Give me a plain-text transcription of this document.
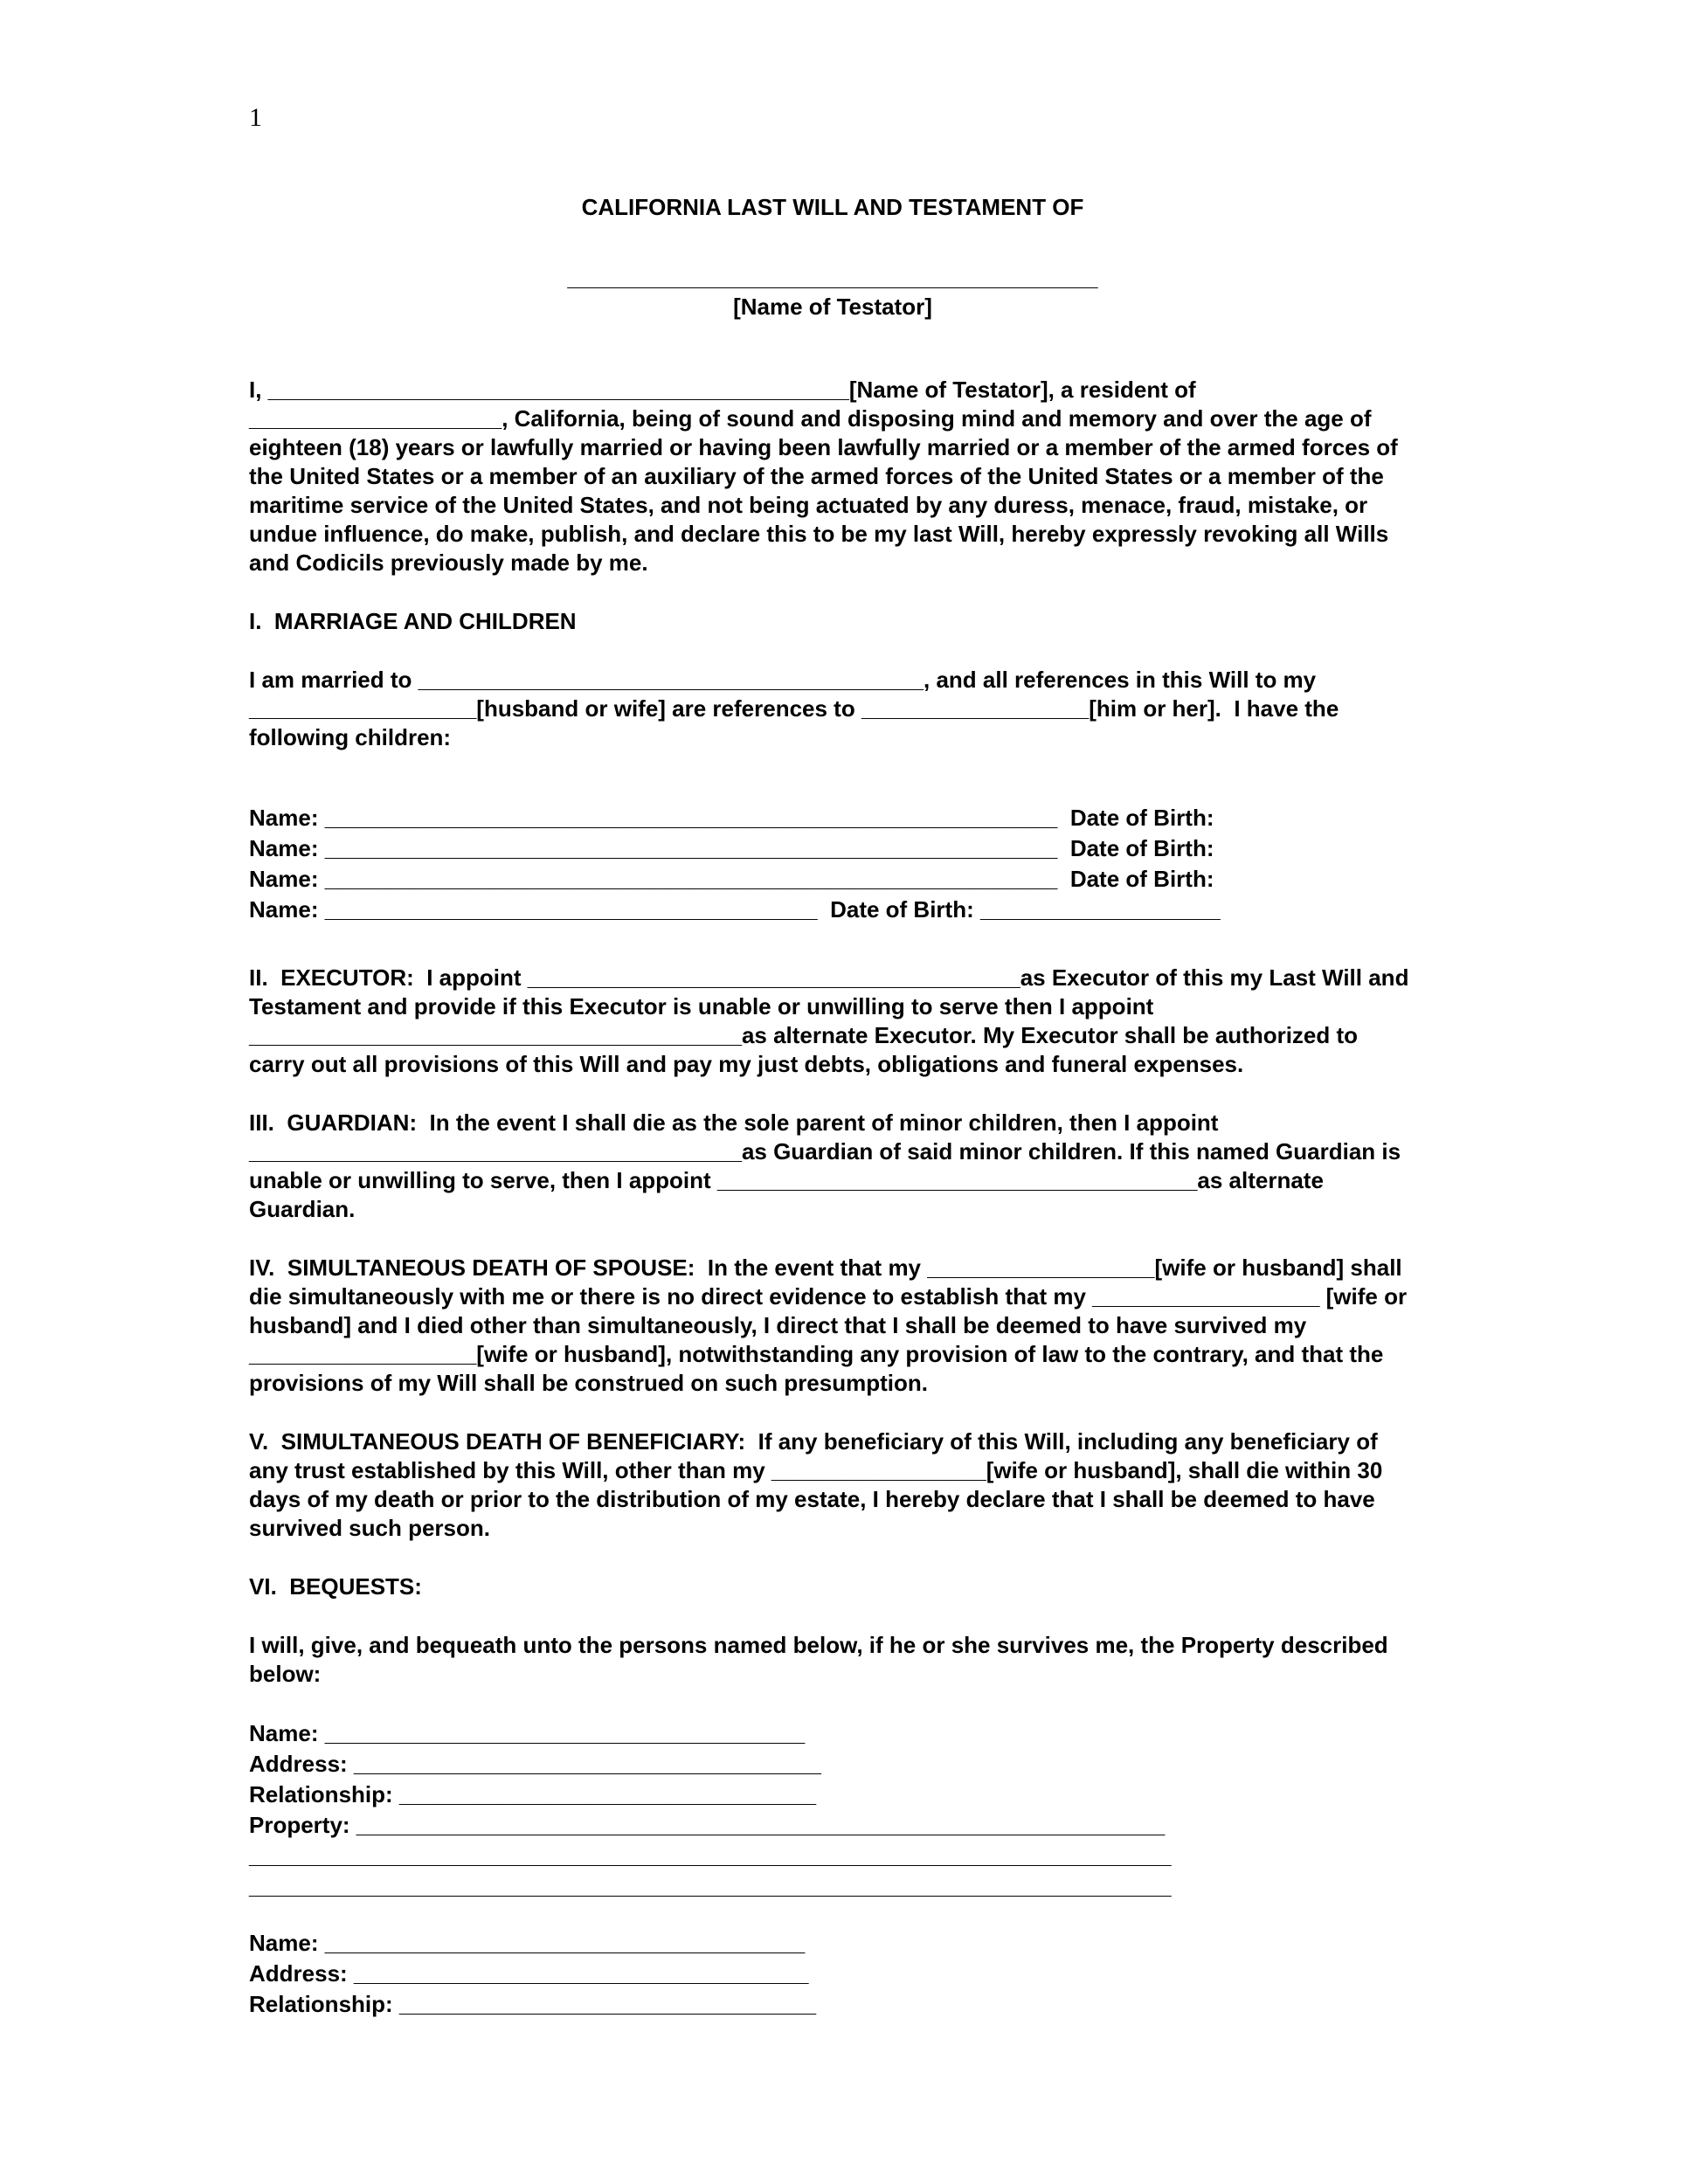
1
CALIFORNIA LAST WILL AND TESTAMENT OF
__________________________________________
[Name of Testator]

I, ______________________________________________[Name of Testator], a resident of ____________________, California, being of sound and disposing mind and memory and over the age of eighteen (18) years or lawfully married or having been lawfully married or a member of the armed forces of the United States or a member of an auxiliary of the armed forces of the United States or a member of the maritime service of the United States, and not being actuated by any duress, menace, fraud, mistake, or undue influence, do make, publish, and declare this to be my last Will, hereby expressly revoking all Wills and Codicils previously made by me.

I.  MARRIAGE AND CHILDREN

I am married to ________________________________________, and all references in this Will to my __________________[husband or wife] are references to __________________[him or her].  I have the following children:

Name: __________________________________________________________  Date of Birth:
Name: __________________________________________________________  Date of Birth:
Name: __________________________________________________________  Date of Birth:
Name: _______________________________________  Date of Birth: ___________________

II.  EXECUTOR:  I appoint _______________________________________as Executor of this my Last Will and Testament and provide if this Executor is unable or unwilling to serve then I appoint _______________________________________as alternate Executor. My Executor shall be authorized to carry out all provisions of this Will and pay my just debts, obligations and funeral expenses.

III.  GUARDIAN:  In the event I shall die as the sole parent of minor children, then I appoint _______________________________________as Guardian of said minor children. If this named Guardian is unable or unwilling to serve, then I appoint ______________________________________as alternate Guardian.

IV.  SIMULTANEOUS DEATH OF SPOUSE:  In the event that my __________________[wife or husband] shall die simultaneously with me or there is no direct evidence to establish that my __________________ [wife or husband] and I died other than simultaneously, I direct that I shall be deemed to have survived my __________________[wife or husband], notwithstanding any provision of law to the contrary, and that the provisions of my Will shall be construed on such presumption.

V.  SIMULTANEOUS DEATH OF BENEFICIARY:  If any beneficiary of this Will, including any beneficiary of any trust established by this Will, other than my _________________[wife or husband], shall die within 30 days of my death or prior to the distribution of my estate, I hereby declare that I shall be deemed to have survived such person.

VI.  BEQUESTS:

I will, give, and bequeath unto the persons named below, if he or she survives me, the Property described below:

Name: ______________________________________
Address: _____________________________________
Relationship: _________________________________
Property: ________________________________________________________________
_________________________________________________________________________
_________________________________________________________________________
Name: ______________________________________
Address: ____________________________________
Relationship: _________________________________
